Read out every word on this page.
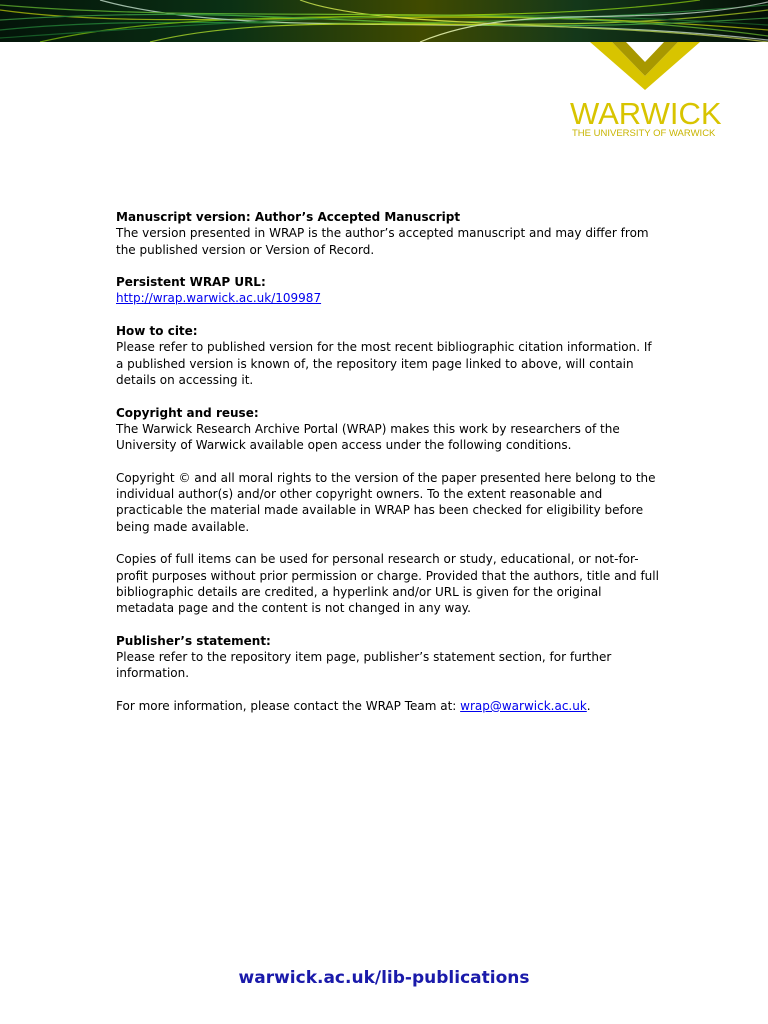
WARWICK
THE UNIVERSITY OF WARWICK

Manuscript version: Author’s Accepted Manuscript
The version presented in WRAP is the author’s accepted manuscript and may differ from the published version or Version of Record.

Persistent WRAP URL:
http://wrap.warwick.ac.uk/109987

How to cite:
Please refer to published version for the most recent bibliographic citation information. If a published version is known of, the repository item page linked to above, will contain details on accessing it.

Copyright and reuse:
The Warwick Research Archive Portal (WRAP) makes this work by researchers of the University of Warwick available open access under the following conditions.

Copyright © and all moral rights to the version of the paper presented here belong to the individual author(s) and/or other copyright owners. To the extent reasonable and practicable the material made available in WRAP has been checked for eligibility before being made available.

Copies of full items can be used for personal research or study, educational, or not-for-profit purposes without prior permission or charge. Provided that the authors, title and full bibliographic details are credited, a hyperlink and/or URL is given for the original metadata page and the content is not changed in any way.

Publisher’s statement:
Please refer to the repository item page, publisher’s statement section, for further information.

For more information, please contact the WRAP Team at: wrap@warwick.ac.uk.

warwick.ac.uk/lib-publications
